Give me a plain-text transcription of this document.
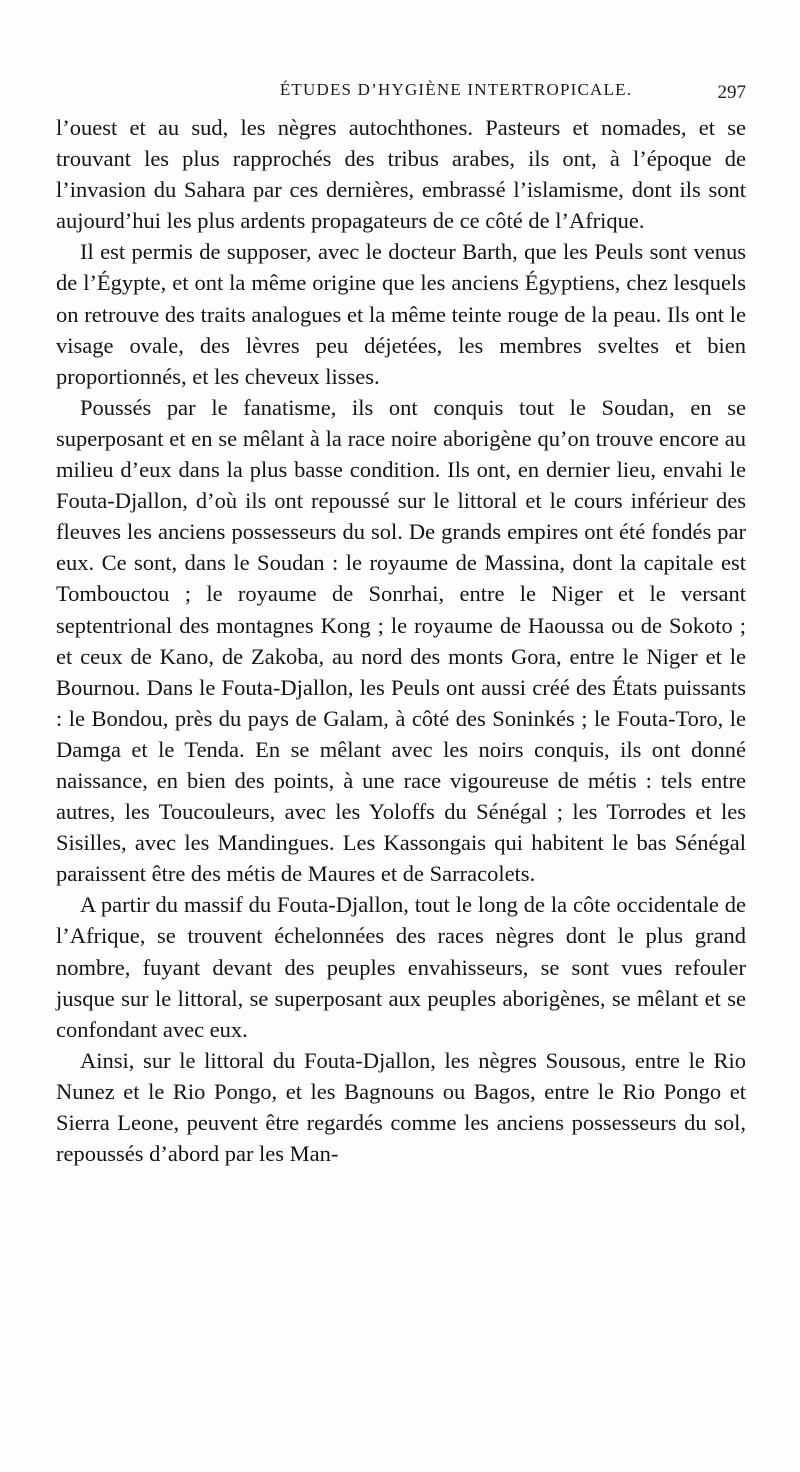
ÉTUDES D’HYGIÈNE INTERTROPICALE.	297

l’ouest et au sud, les nègres autochthones. Pasteurs et nomades, et se trouvant les plus rapprochés des tribus arabes, ils ont, à l’époque de l’invasion du Sahara par ces dernières, embrassé l’islamisme, dont ils sont aujourd’hui les plus ardents propagateurs de ce côté de l’Afrique.

Il est permis de supposer, avec le docteur Barth, que les Peuls sont venus de l’Égypte, et ont la même origine que les anciens Égyptiens, chez lesquels on retrouve des traits analogues et la même teinte rouge de la peau. Ils ont le visage ovale, des lèvres peu déjetées, les membres sveltes et bien proportionnés, et les cheveux lisses.

Poussés par le fanatisme, ils ont conquis tout le Soudan, en se superposant et en se mêlant à la race noire aborigène qu’on trouve encore au milieu d’eux dans la plus basse condition. Ils ont, en dernier lieu, envahi le Fouta-Djallon, d’où ils ont repoussé sur le littoral et le cours inférieur des fleuves les anciens possesseurs du sol. De grands empires ont été fondés par eux. Ce sont, dans le Soudan : le royaume de Massina, dont la capitale est Tombouctou ; le royaume de Sonrhai, entre le Niger et le versant septentrional des montagnes Kong ; le royaume de Haoussa ou de Sokoto ; et ceux de Kano, de Zakoba, au nord des monts Gora, entre le Niger et le Bournou. Dans le Fouta-Djallon, les Peuls ont aussi créé des États puissants : le Bondou, près du pays de Galam, à côté des Soninkés ; le Fouta-Toro, le Damga et le Tenda. En se mêlant avec les noirs conquis, ils ont donné naissance, en bien des points, à une race vigoureuse de métis : tels entre autres, les Toucouleurs, avec les Yoloffs du Sénégal ; les Torrodes et les Sisilles, avec les Mandingues. Les Kassongais qui habitent le bas Sénégal paraissent être des métis de Maures et de Sarracolets.

A partir du massif du Fouta-Djallon, tout le long de la côte occidentale de l’Afrique, se trouvent échelonnées des races nègres dont le plus grand nombre, fuyant devant des peuples envahisseurs, se sont vues refouler jusque sur le littoral, se superposant aux peuples aborigènes, se mêlant et se confondant avec eux.

Ainsi, sur le littoral du Fouta-Djallon, les nègres Sousous, entre le Rio Nunez et le Rio Pongo, et les Bagnouns ou Bagos, entre le Rio Pongo et Sierra Leone, peuvent être regardés comme les anciens possesseurs du sol, repoussés d’abord par les Man-
